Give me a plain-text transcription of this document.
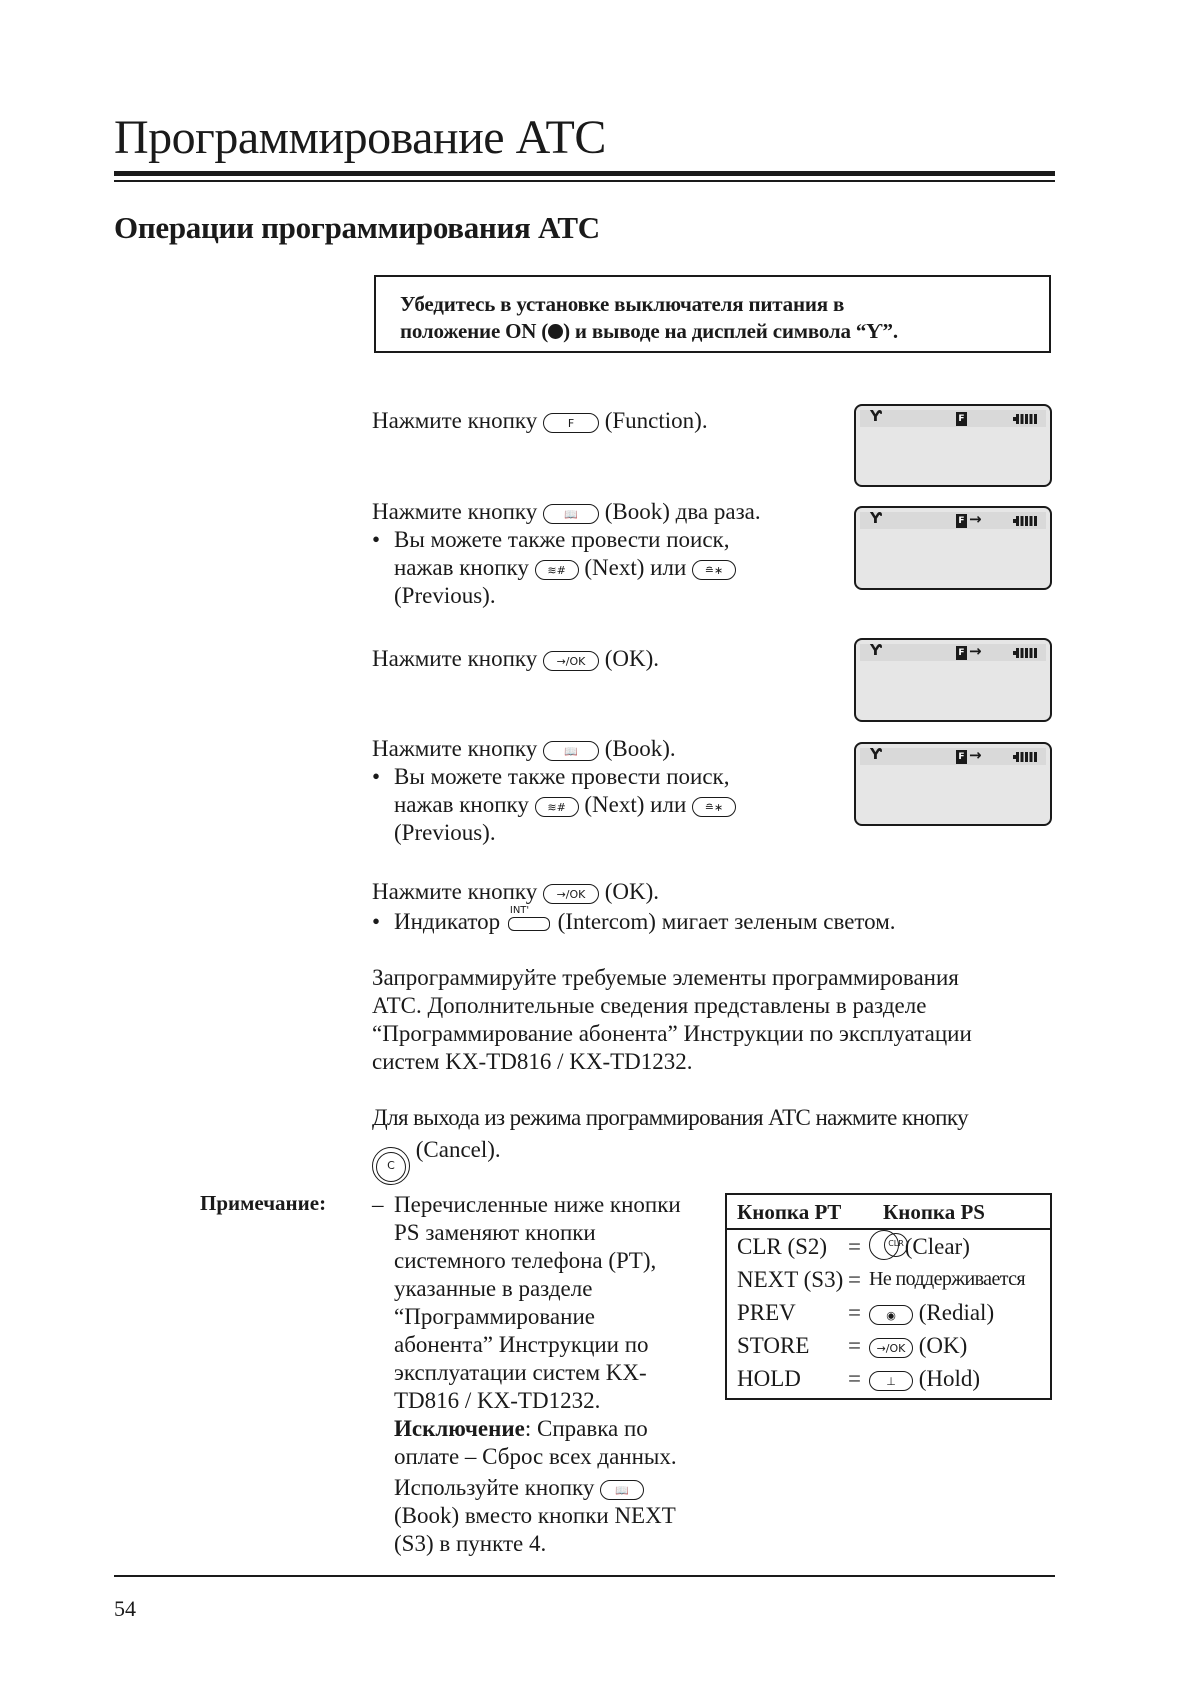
Программирование АТС
Операции программирования АТС
Убедитесь в установке выключателя питания в
положение ON ( ) и выводе на дисплей символа “Ƴ”.
Нажмите кнопку	F (Function).	Ƴ	F
Нажмите кнопку 📖 (Book) два раза.
• Вы можете также провести поиск,
нажав кнопку ≋# (Next) или ≘∗
(Previous).
Ƴ	F →
Нажмите кнопку →/OK (OK).	Ƴ	F →
Нажмите кнопку 📖 (Book).
• Вы можете также провести поиск,
нажав кнопку ≋# (Next) или ≘∗
(Previous).
Ƴ	F →
Нажмите кнопку →/OK (OK).
• Индикатор INT' (Intercom) мигает зеленым светом.
Запрограммируйте требуемые элементы программирования
АТС. Дополнительные сведения представлены в разделе
“Программирование абонента” Инструкции по эксплуатации
систем KX-TD816 / KX-TD1232.
Для выхода из режима программирования АТС нажмите кнопку
C (Cancel).
Примечание: – Перечисленные ниже кнопки
PS заменяют кнопки
системного телефона (PT),
указанные в разделе
“Программирование
абонента” Инструкции по
эксплуатации систем KX-
TD816 / KX-TD1232.
Исключение: Справка по
оплате – Сброс всех данных.
Используйте кнопку 📖
(Book) вместо кнопки NEXT
(S3) в пункте 4.
Кнопка PT Кнопка PS
CLR (S2) =	CLR (Clear)
NEXT (S3) = Не поддерживается
PREV =	◉ (Redial)
STORE =	→/OK (OK)
HOLD =	⊥ (Hold)
54
